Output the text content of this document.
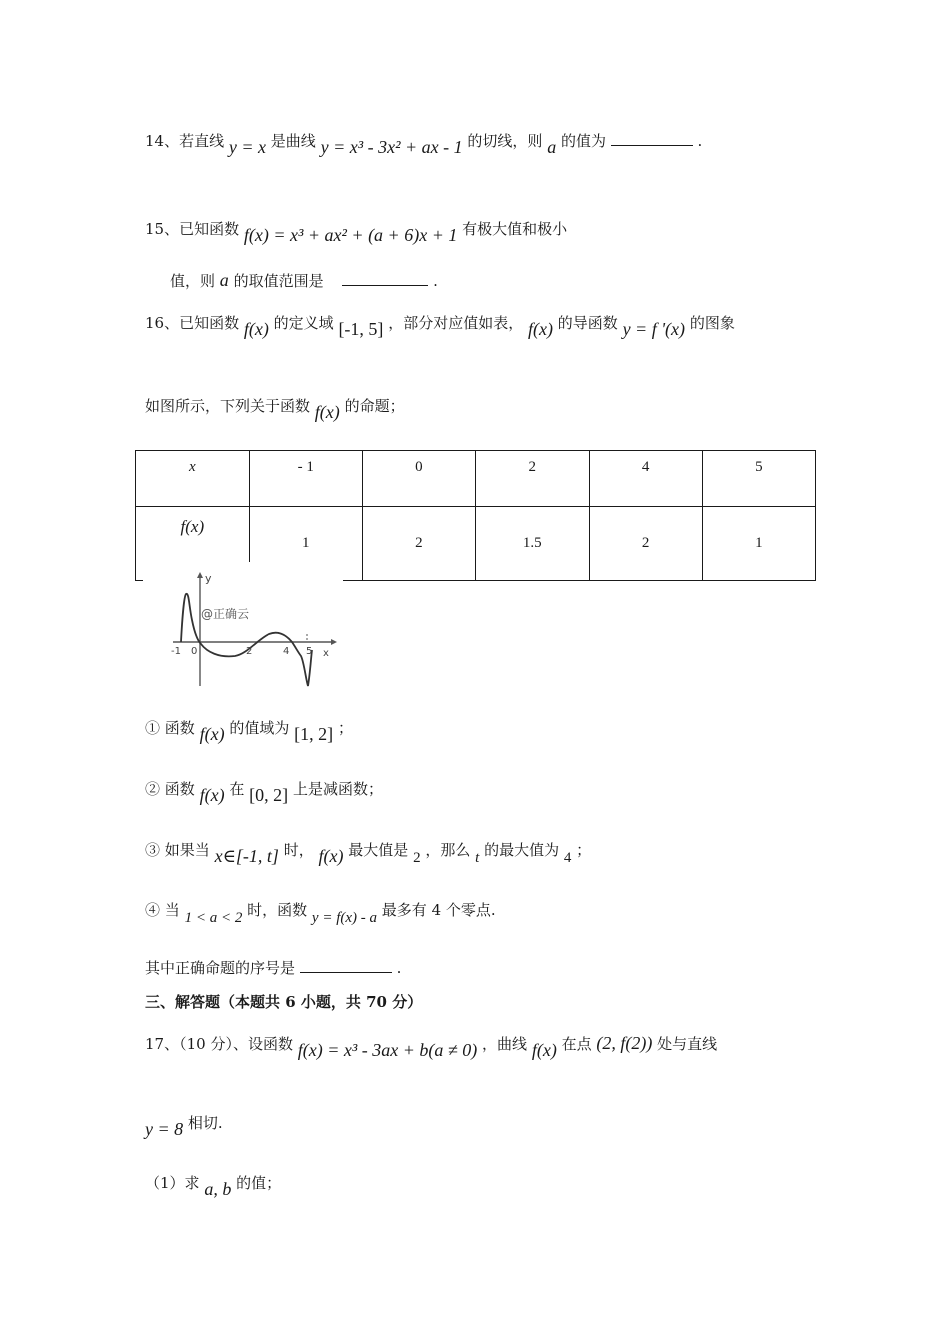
14、若直线 y = x 是曲线 y = x³ - 3x² + ax - 1 的切线，则 a 的值为	.
15、已知函数 f(x) = x³ + ax² + (a + 6)x + 1 有极大值和极小
值，则 a 的取值范围是	.
16、已知函数 f(x) 的定义域 [-1, 5] ，部分对应值如表， f(x) 的导函数 y = f '(x) 的图象
如图所示，下列关于函数 f(x) 的命题；
x	- 1	0	2	4	5
f(x)	1	2	1.5	2	1
y
x
@正确云
-1 0	2	4 5
① 函数 f(x) 的值域为 [1, 2] ；
② 函数 f(x) 在 [0, 2] 上是减函数；
③ 如果当 x∈[-1, t] 时， f(x) 最大值是 2 ，那么 t 的最大值为 4 ；
④ 当 1 < a < 2 时，函数 y = f(x) - a 最多有 4 个零点.
其中正确命题的序号是	.
三、解答题（本题共 6 小题，共 70 分）
17、（10 分）、设函数 f(x) = x³ - 3ax + b(a ≠ 0) ，曲线 f(x) 在点 (2, f(2)) 处与直线
y = 8 相切.
（1）求 a, b 的值；
